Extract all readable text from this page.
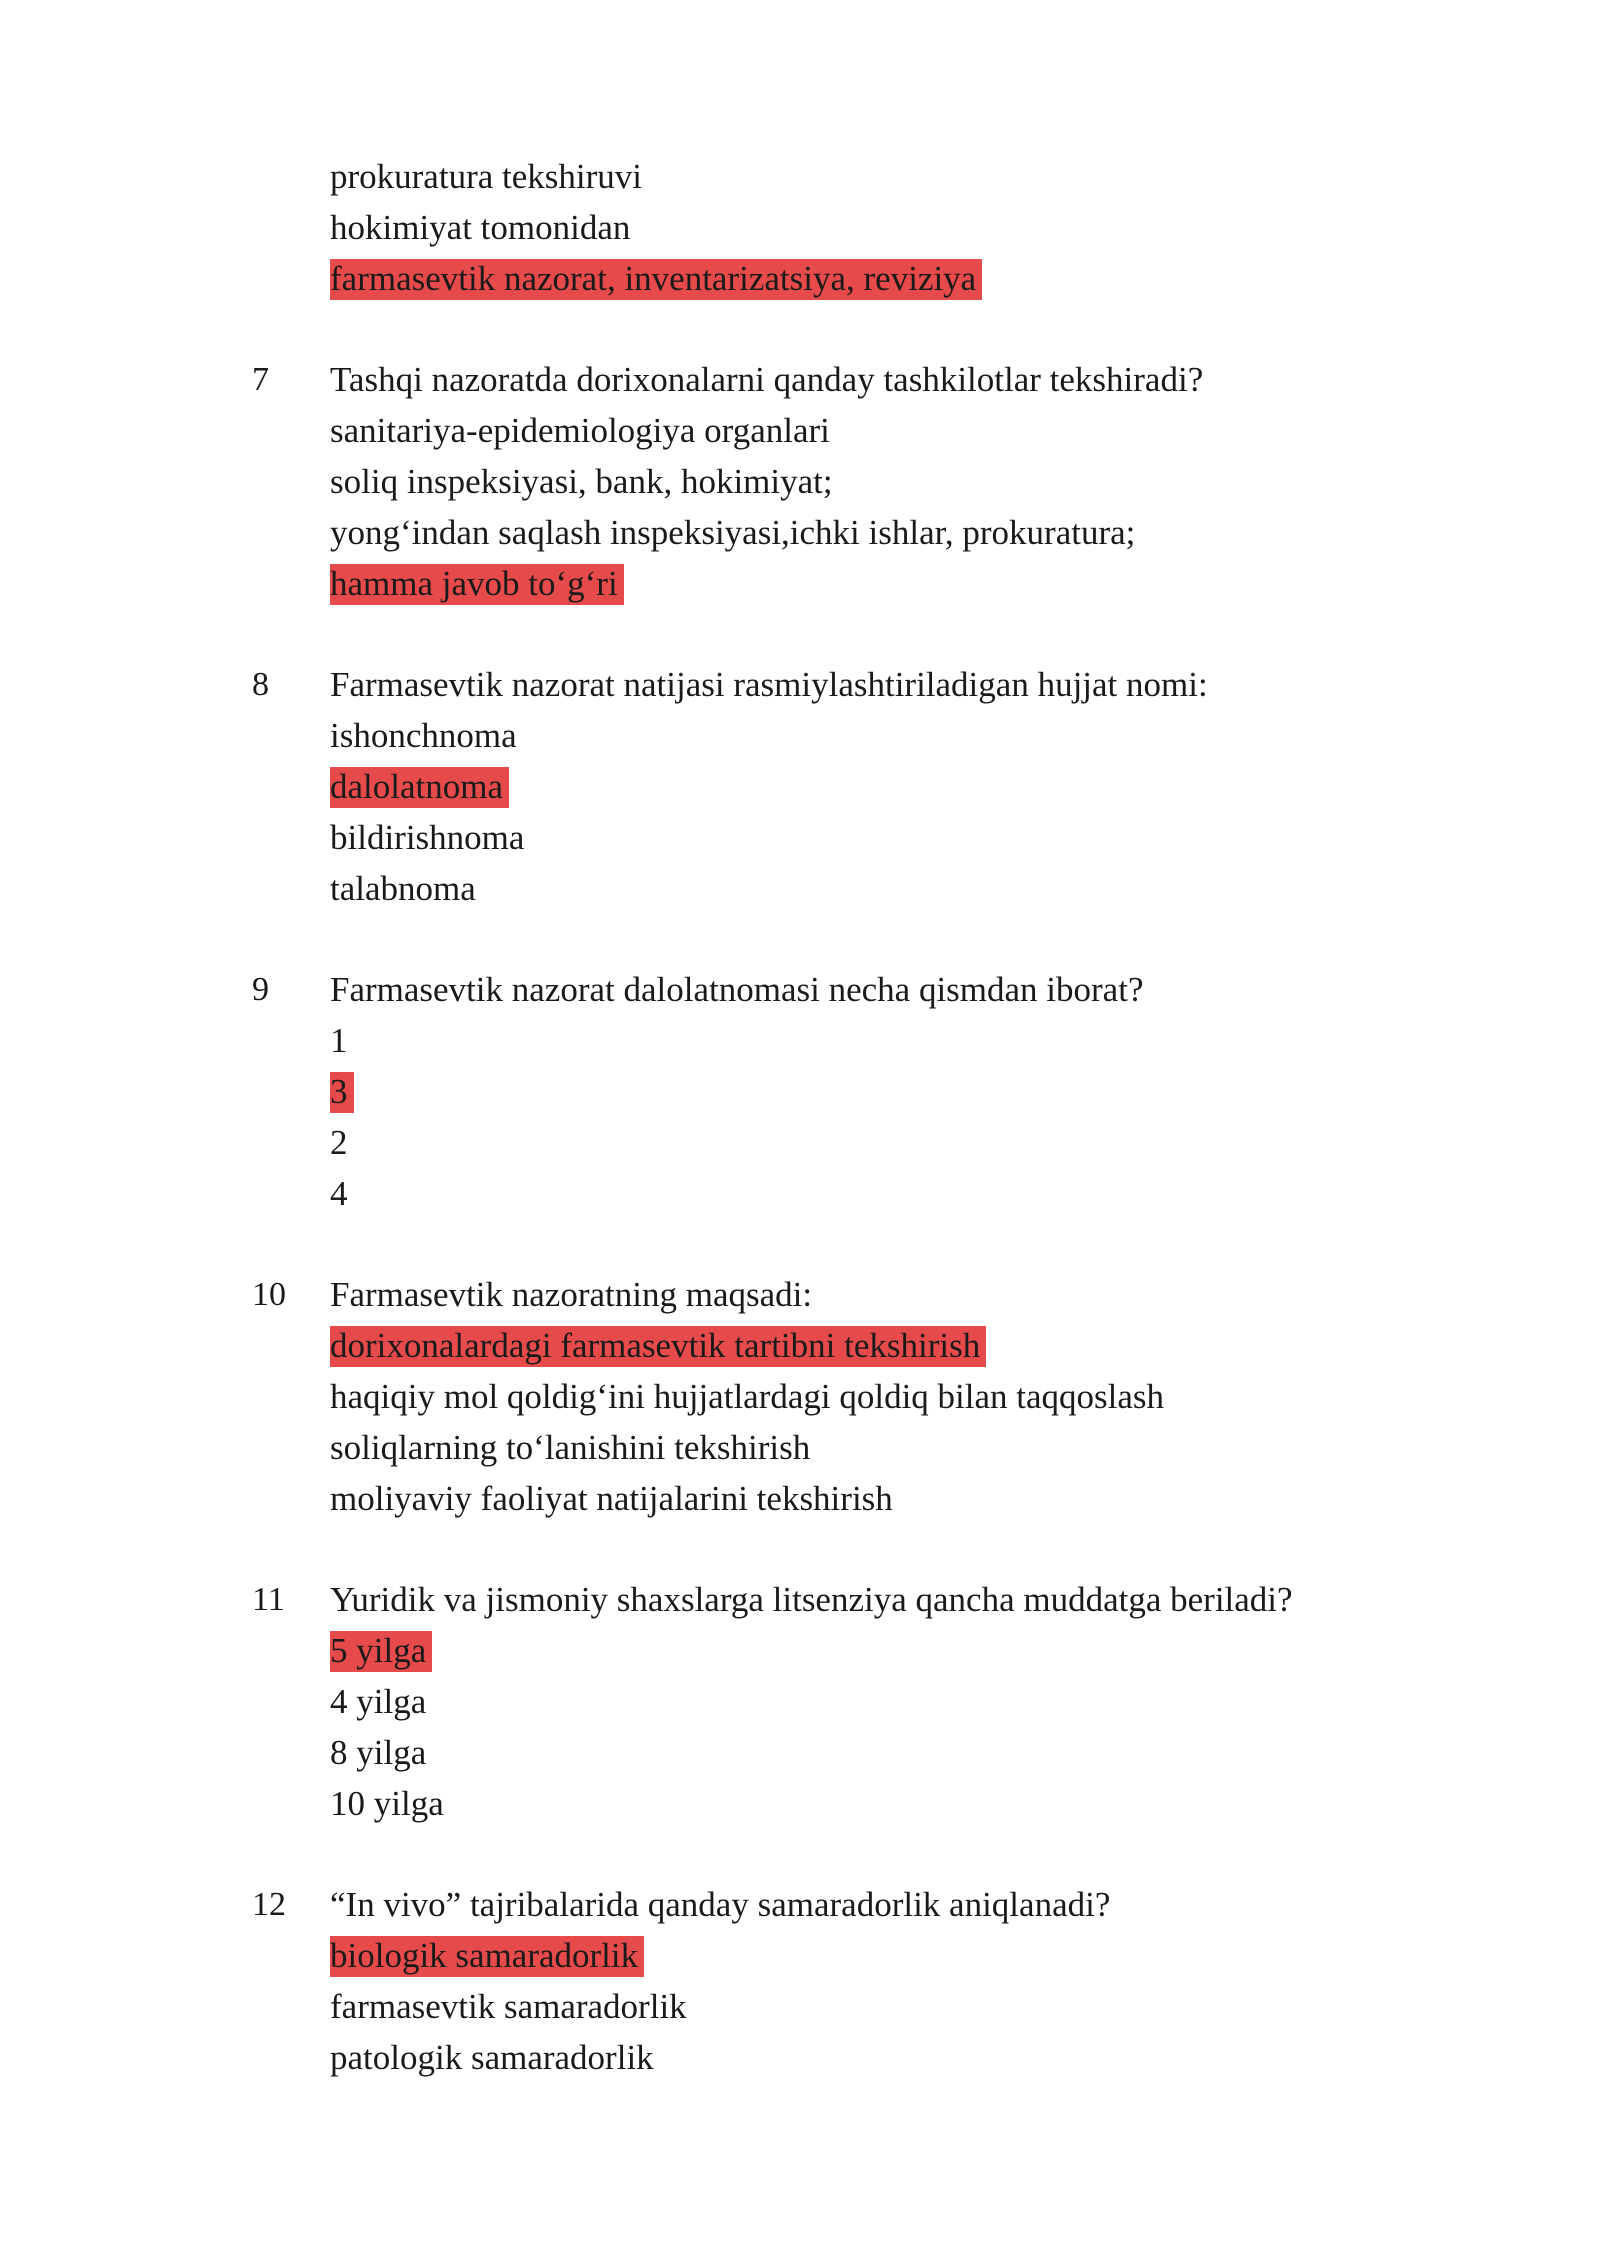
prokuratura tekshiruvi
hokimiyat tomonidan
farmasevtik nazorat, inventarizatsiya, reviziya
7 Tashqi nazoratda dorixonalarni qanday tashkilotlar tekshiradi?
sanitariya-epidemiologiya organlari
soliq inspeksiyasi, bank, hokimiyat;
yong‘indan saqlash inspeksiyasi,ichki ishlar, prokuratura;
hamma javob to‘g‘ri
8 Farmasevtik nazorat natijasi rasmiylashtiriladigan hujjat nomi:
ishonchnoma
dalolatnoma
bildirishnoma
talabnoma
9 Farmasevtik nazorat dalolatnomasi necha qismdan iborat?
1
3
2
4
10 Farmasevtik nazoratning maqsadi:
dorixonalardagi farmasevtik tartibni tekshirish
haqiqiy mol qoldig‘ini hujjatlardagi qoldiq bilan taqqoslash
soliqlarning to‘lanishini tekshirish
moliyaviy faoliyat natijalarini tekshirish
11 Yuridik va jismoniy shaxslarga litsenziya qancha muddatga beriladi?
5 yilga
4 yilga
8 yilga
10 yilga
12 “In vivo” tajribalarida qanday samaradorlik aniqlanadi?
biologik samaradorlik
farmasevtik samaradorlik
patologik samaradorlik
